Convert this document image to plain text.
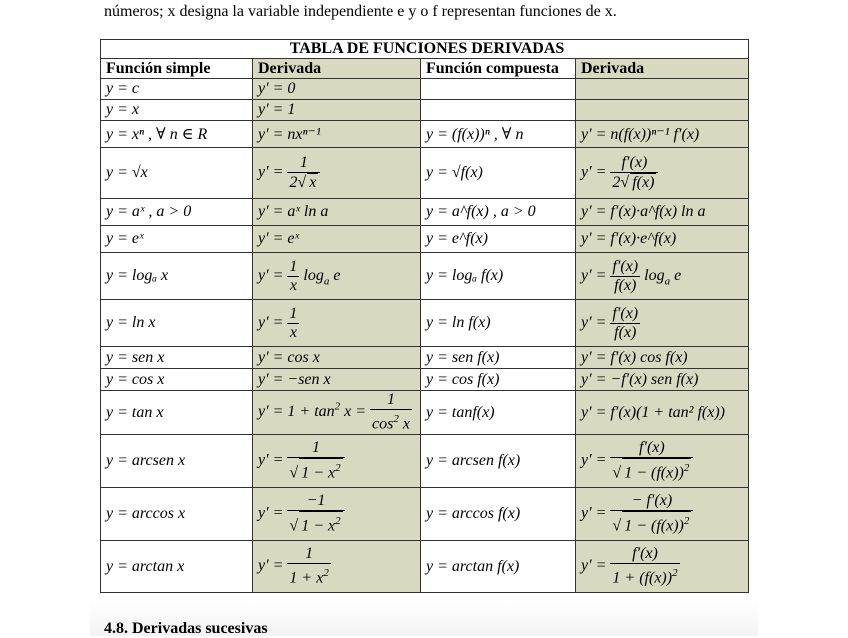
números; x designa la variable independiente e y o f representan funciones de x.
TABLA DE FUNCIONES DERIVADAS			
Función simple	Derivada	Función compuesta	Derivada
y = c	y′ = 0		
y = x	y′ = 1		
y = xⁿ , ∀ n ∈ R	y′ = nxⁿ⁻¹	y = (f(x))ⁿ , ∀ n	y′ = n(f(x))ⁿ⁻¹ f′(x)
y = √x	$y' = \frac{1}{2√ x}$	y = √f(x)	$y' = \frac{f'(x)}{2√ f(x)}$

y = aˣ , a > 0	y′ = aˣ ln a	y = a^f(x) , a > 0	y′ = f′(x)·a^f(x) ln a
y = eˣ	y′ = eˣ	y = e^f(x)	y′ = f′(x)·e^f(x)
y = logₐ x	$y' = \frac{1}{x} \log_a e$	y = logₐ f(x)	$y' = \frac{f'(x)}{f(x)} \log_a e$
y = ln x	$y' = \frac{1}{x}$	y = ln f(x)	$y' = \frac{f'(x)}{f(x)}$

y = sen x	y′ = cos x	y = sen f(x)	y′ = f′(x) cos f(x)
y = cos x	y′ = −sen x	y = cos f(x)	y′ = −f′(x) sen f(x)
y = tan x	$y' = 1 + \tan^2 x = \frac{1}{\cos^2 x}$	y = tanf(x)	y′ = f′(x)(1 + tan² f(x))
y = arcsen x	$y' = \frac{1}{√ 1 - x^2}$	y = arcsen f(x)	$y' = \frac{f'(x)}{√ 1 - (f(x))^2}$

y = arccos x	$y' = \frac{-1}{√ 1 - x^2}$	y = arccos f(x)	$y' = \frac{- f'(x)}{√ 1 - (f(x))^2}$

y = arctan x	$y' = \frac{1}{1 + x^2}$	y = arctan f(x)	$y' = \frac{f'(x)}{1 + (f(x))^2}$
4.8. Derivadas sucesivas
